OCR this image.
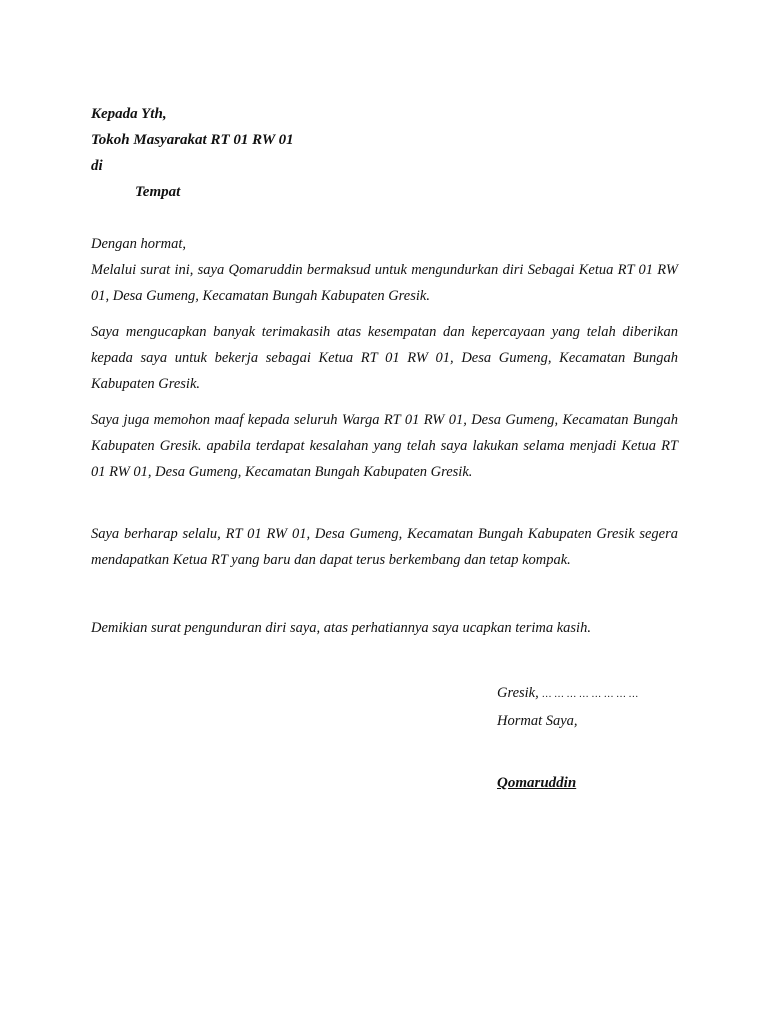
Kepada Yth,
Tokoh Masyarakat RT 01 RW 01
di
Tempat

Dengan hormat,

Melalui surat ini, saya Qomaruddin bermaksud untuk mengundurkan diri Sebagai Ketua RT 01 RW 01, Desa Gumeng, Kecamatan Bungah Kabupaten Gresik.

Saya mengucapkan banyak terimakasih atas kesempatan dan kepercayaan yang telah diberikan kepada saya untuk bekerja sebagai Ketua RT 01 RW 01, Desa Gumeng, Kecamatan Bungah Kabupaten Gresik.

Saya juga memohon maaf kepada seluruh Warga RT 01 RW 01, Desa Gumeng, Kecamatan Bungah Kabupaten Gresik. apabila terdapat kesalahan yang telah saya lakukan selama menjadi Ketua RT 01 RW 01, Desa Gumeng, Kecamatan Bungah Kabupaten Gresik.

Saya berharap selalu, RT 01 RW 01, Desa Gumeng, Kecamatan Bungah Kabupaten Gresik segera mendapatkan Ketua RT yang baru dan dapat terus berkembang dan tetap kompak.

Demikian surat pengunduran diri saya, atas perhatiannya saya ucapkan terima kasih.

Gresik, … … … … … … … …
Hormat Saya,
Qomaruddin
